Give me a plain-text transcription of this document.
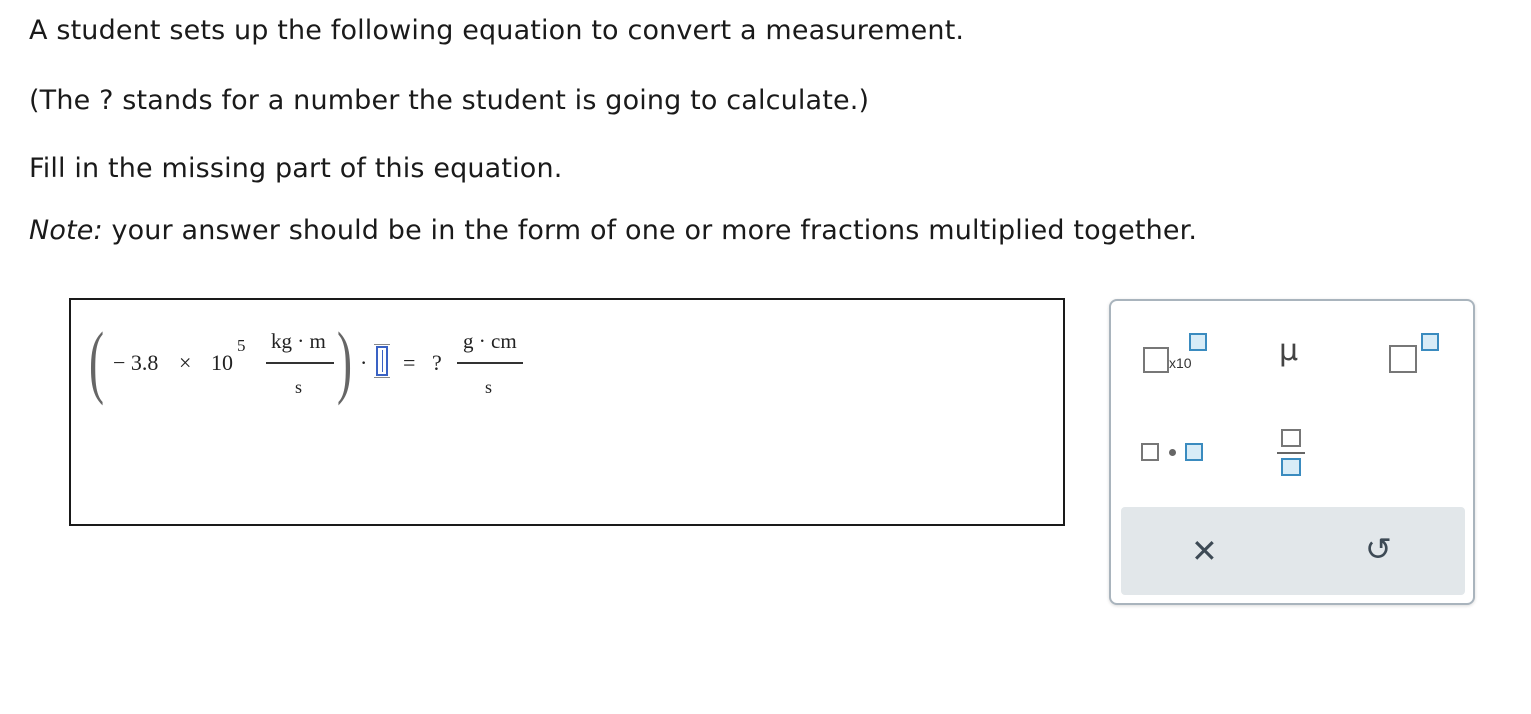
A student sets up the following equation to convert a measurement.
(The ? stands for a number the student is going to calculate.)
Fill in the missing part of this equation.
Note: your answer should be in the form of one or more fractions multiplied together.
( − 3.8 × 10
5 kg · m
s ) · = ?
g · cm
s
x10	μ
✕	↺
